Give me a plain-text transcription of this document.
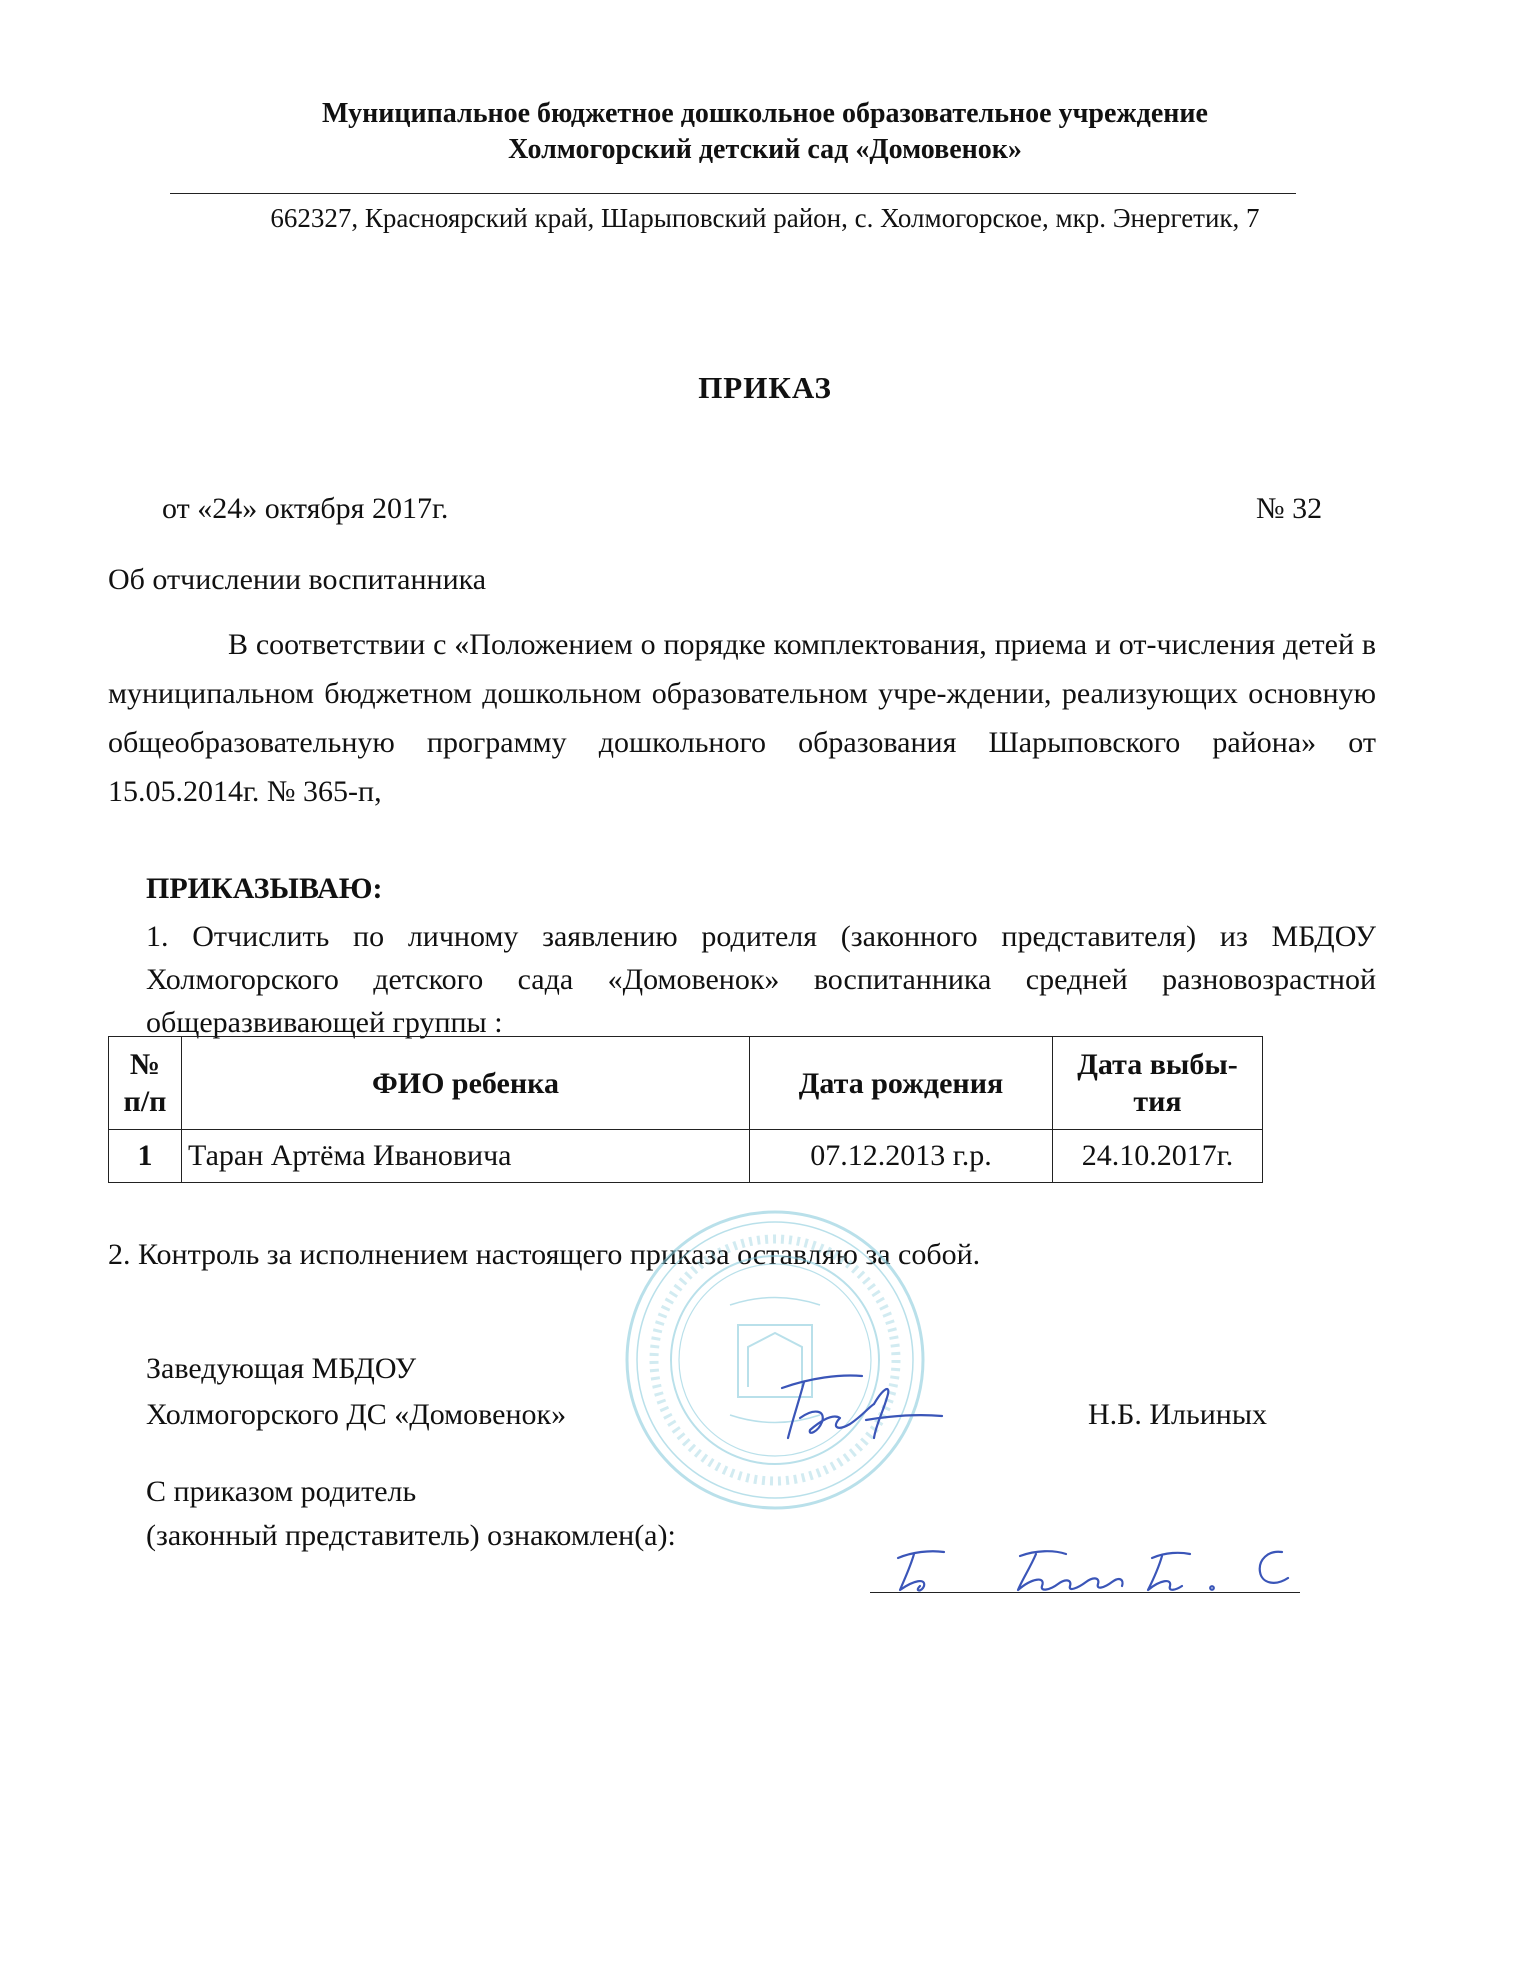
Муниципальное бюджетное дошкольное образовательное учреждение
Холмогорский детский сад «Домовенок»
662327, Красноярский край, Шарыповский район, с. Холмогорское, мкр. Энергетик, 7
ПРИКАЗ
от «24» октября 2017г.	№ 32
Об отчислении воспитанника
В соответствии с «Положением о порядке комплектования, приема и от-числения детей в муниципальном бюджетном дошкольном образовательном учре-ждении, реализующих основную общеобразовательную программу дошкольного образования Шарыповского района» от 15.05.2014г. № 365-п,
ПРИКАЗЫВАЮ:
1. Отчислить по личному заявлению родителя (законного представителя) из МБДОУ Холмогорского детского сада «Домовенок» воспитанника средней разновозрастной общеразвивающей группы :
№ п/п	ФИО ребенка	Дата рождения	Дата выбы-тия
1	Таран Артёма Ивановича	07.12.2013 г.р.	24.10.2017г.
2. Контроль за исполнением настоящего приказа оставляю за собой.
Заведующая МБДОУ
Холмогорского ДС «Домовенок»	Н.Б. Ильиных
С приказом родитель
(законный представитель) ознакомлен(а):
